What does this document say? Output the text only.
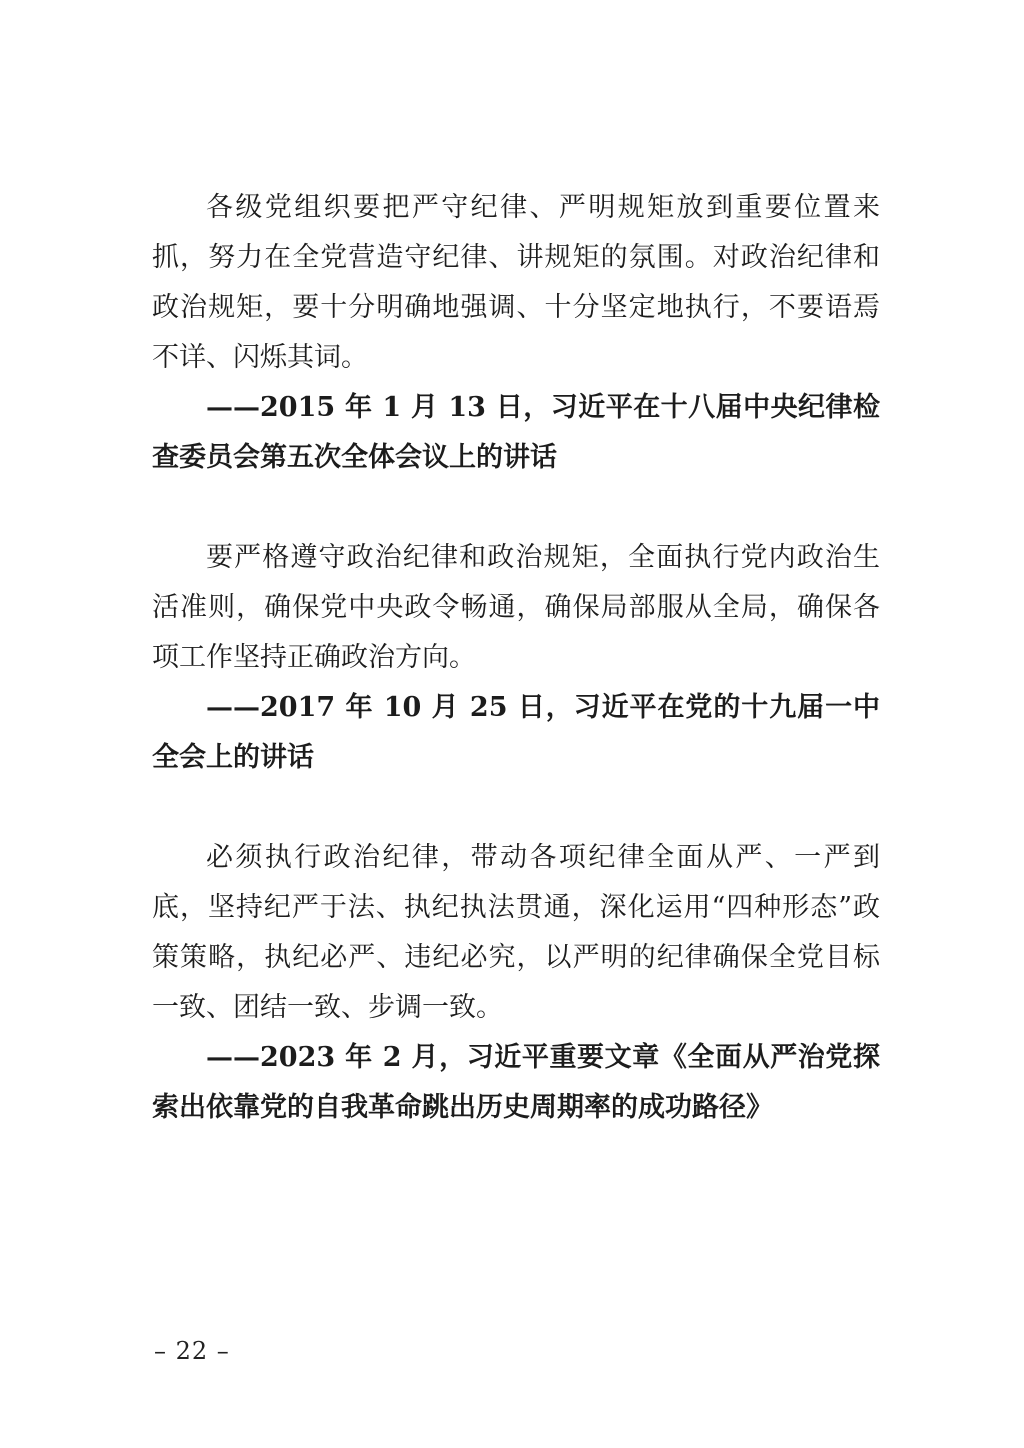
各级党组织要把严守纪律、严明规矩放到重要位置来抓，努力在全党营造守纪律、讲规矩的氛围。对政治纪律和政治规矩，要十分明确地强调、十分坚定地执行，不要语焉不详、闪烁其词。

——2015 年 1 月 13 日，习近平在十八届中央纪律检查委员会第五次全体会议上的讲话

要严格遵守政治纪律和政治规矩，全面执行党内政治生活准则，确保党中央政令畅通，确保局部服从全局，确保各项工作坚持正确政治方向。

——2017 年 10 月 25 日，习近平在党的十九届一中全会上的讲话

必须执行政治纪律，带动各项纪律全面从严、一严到底，坚持纪严于法、执纪执法贯通，深化运用“四种形态”政策策略，执纪必严、违纪必究，以严明的纪律确保全党目标一致、团结一致、步调一致。

——2023 年 2 月，习近平重要文章《全面从严治党探索出依靠党的自我革命跳出历史周期率的成功路径》

– 22 –
